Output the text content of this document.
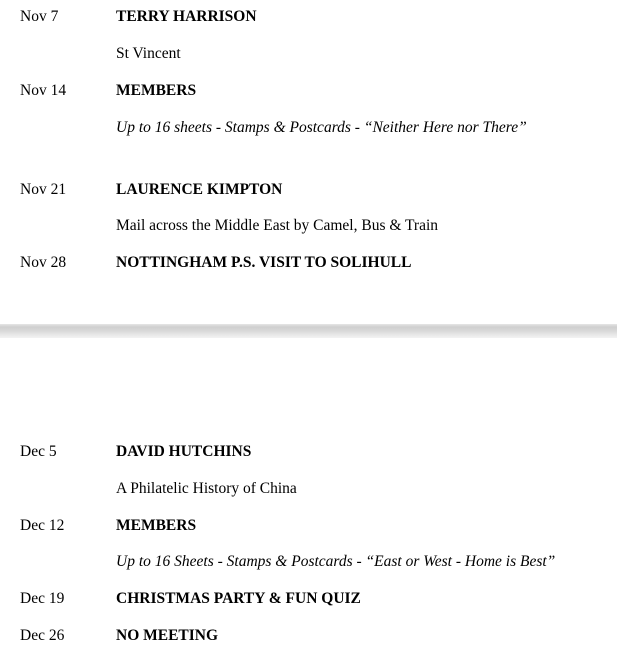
Nov 7	TERRY HARRISON
St Vincent
Nov 14	MEMBERS
Up to 16 sheets - Stamps & Postcards - “Neither Here nor There”
Nov 21	LAURENCE KIMPTON
Mail across the Middle East by Camel, Bus & Train
Nov 28	NOTTINGHAM P.S. VISIT TO SOLIHULL
Dec 5	DAVID HUTCHINS
A Philatelic History of China
Dec 12	MEMBERS
Up to 16 Sheets - Stamps & Postcards - “East or West - Home is Best”
Dec 19	CHRISTMAS PARTY & FUN QUIZ
Dec 26	NO MEETING
